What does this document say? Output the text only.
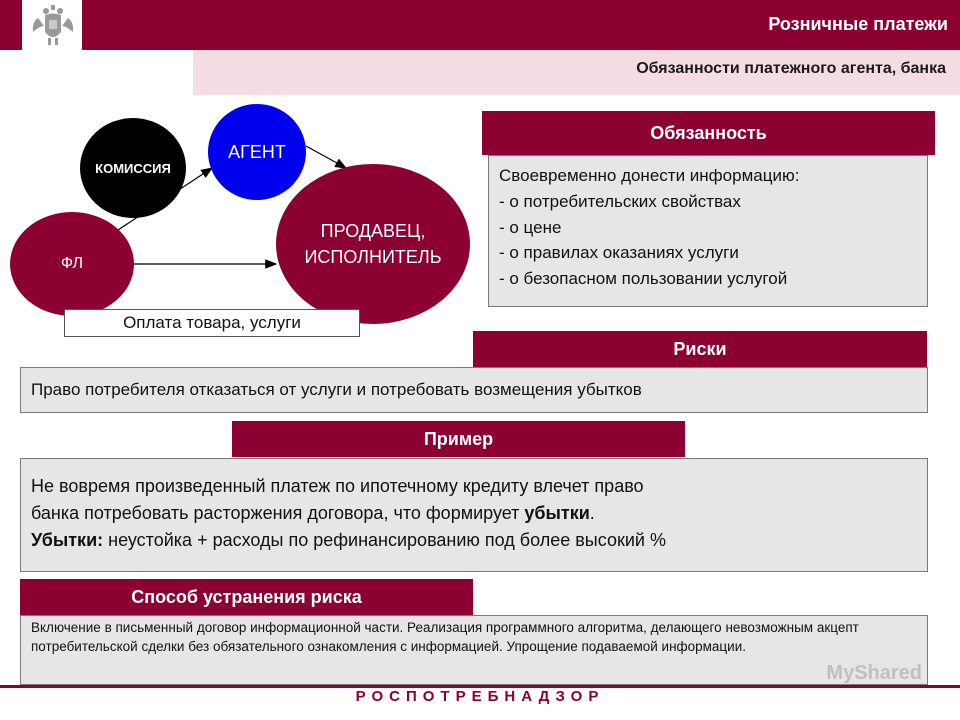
Розничные платежи
Обязанности платежного агента, банка
ФЛ
КОМИССИЯ
АГЕНТ
ПРОДАВЕЦ,
ИСПОЛНИТЕЛЬ
Оплата товара, услуги
Обязанность
Своевременно донести информацию:
- о потребительских свойствах
- о цене
- о правилах оказаниях услуги
- о безопасном пользовании услугой
Риски
Право потребителя отказаться от услуги и потребовать возмещения убытков
Пример
Не вовремя произведенный платеж по ипотечному кредиту влечет право
банка потребовать расторжения договора, что формирует убытки.
Убытки: неустойка + расходы по рефинансированию под более высокий %
Способ устранения риска
Включение в письменный договор информационной части. Реализация программного алгоритма, делающего невозможным акцепт потребительской сделки без обязательного ознакомления с информацией. Упрощение подаваемой информации.
РОСПОТРЕБНАДЗОР
MyShared
